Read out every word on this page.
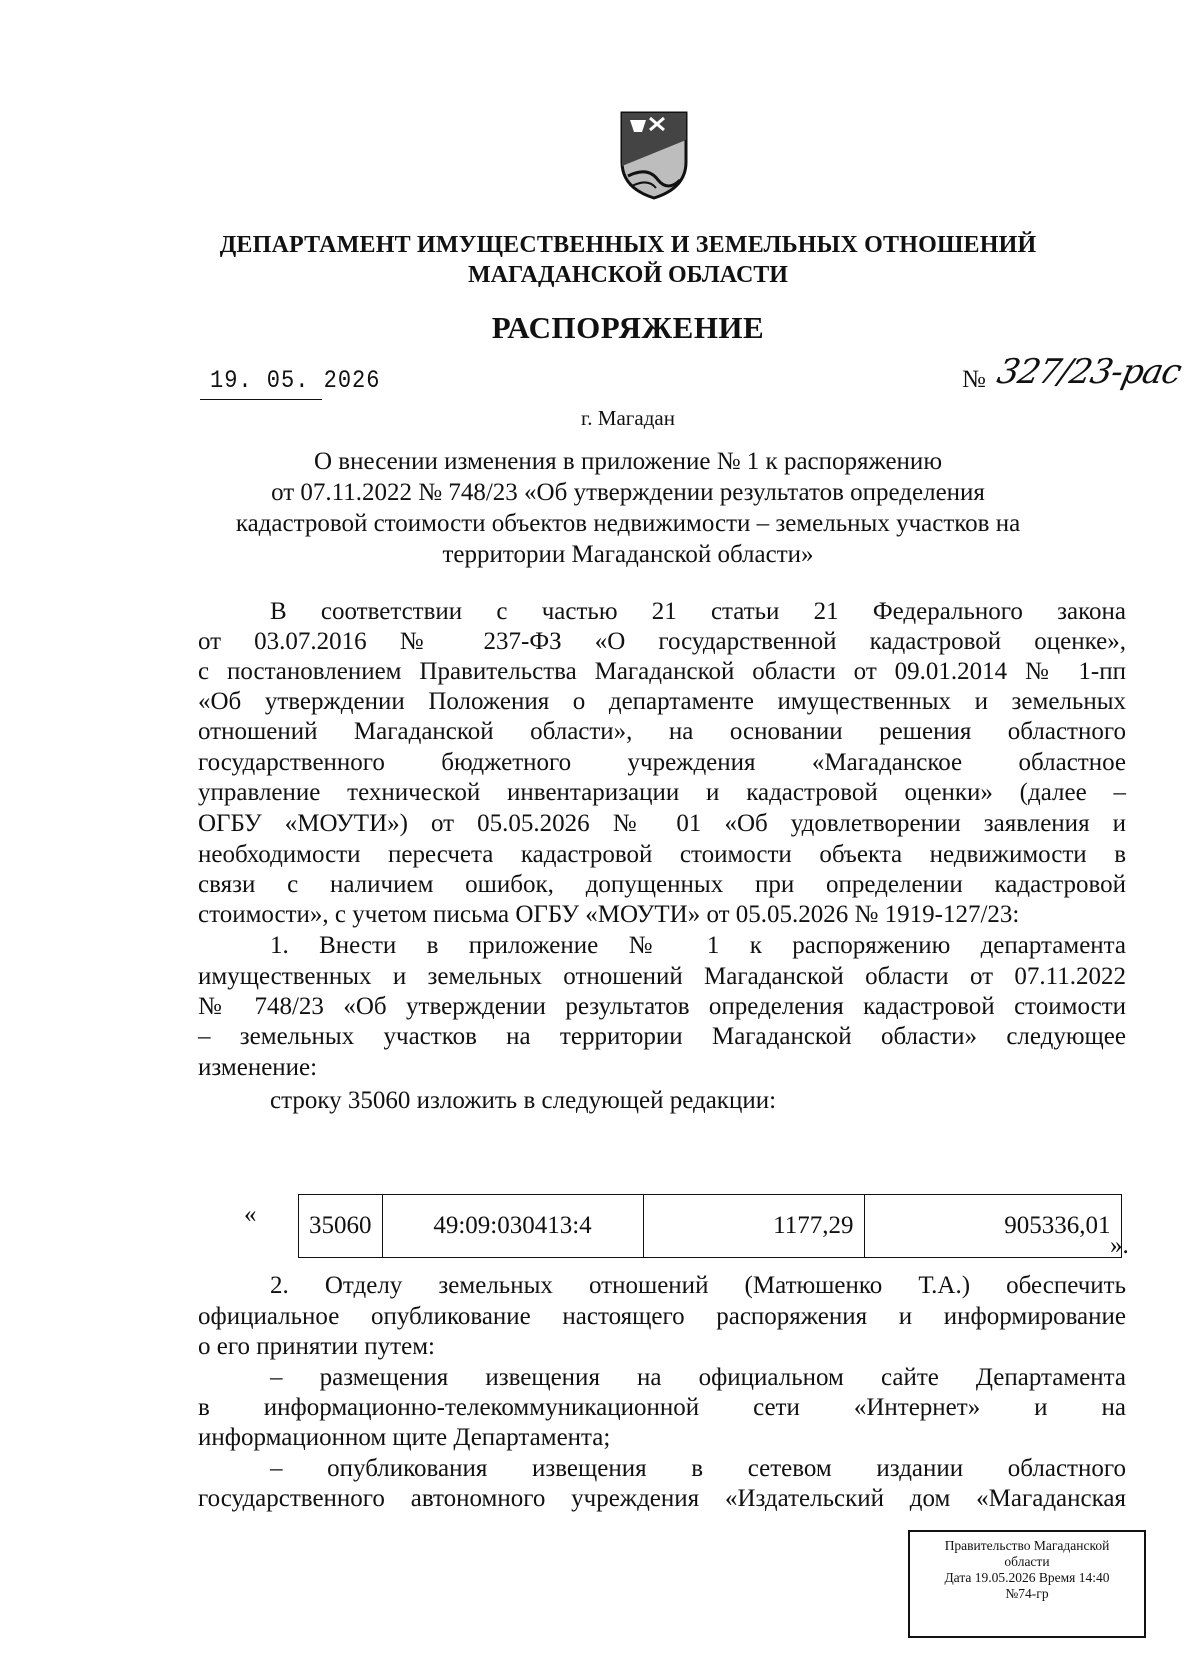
ДЕПАРТАМЕНТ ИМУЩЕСТВЕННЫХ И ЗЕМЕЛЬНЫХ ОТНОШЕНИЙ
МАГАДАНСКОЙ ОБЛАСТИ
РАСПОРЯЖЕНИЕ
19. 05. 2026	№ 327/23-рас
г. Магадан
О внесении изменения в приложение № 1 к распоряжению
от 07.11.2022 № 748/23 «Об утверждении результатов определения
кадастровой стоимости объектов недвижимости – земельных участков на
территории Магаданской области»
В соответствии с частью 21 статьи 21 Федерального закона
от 03.07.2016 № 237-ФЗ «О государственной кадастровой оценке»,
с постановлением Правительства Магаданской области от 09.01.2014 № 1-пп
«Об утверждении Положения о департаменте имущественных и земельных
отношений Магаданской области», на основании решения областного
государственного бюджетного учреждения «Магаданское областное
управление технической инвентаризации и кадастровой оценки» (далее –
ОГБУ «МОУТИ») от 05.05.2026 № 01 «Об удовлетворении заявления и
необходимости пересчета кадастровой стоимости объекта недвижимости в
связи с наличием ошибок, допущенных при определении кадастровой
стоимости», с учетом письма ОГБУ «МОУТИ» от 05.05.2026 № 1919-127/23:
1. Внести в приложение № 1 к распоряжению департамента
имущественных и земельных отношений Магаданской области от 07.11.2022
№ 748/23 «Об утверждении результатов определения кадастровой стоимости
– земельных участков на территории Магаданской области» следующее
изменение:
строку 35060 изложить в следующей редакции:
« 35060	49:09:030413:4	1177,29	905336,01
».
2. Отделу земельных отношений (Матюшенко Т.А.) обеспечить
официальное опубликование настоящего распоряжения и информирование
о его принятии путем:
– размещения извещения на официальном сайте Департамента
в информационно-телекоммуникационной сети «Интернет» и на
информационном щите Департамента;
– опубликования извещения в сетевом издании областного
государственного автономного учреждения «Издательский дом «Магаданская
Правительство Магаданской
области
Дата 19.05.2026 Время 14:40
№74-гр
